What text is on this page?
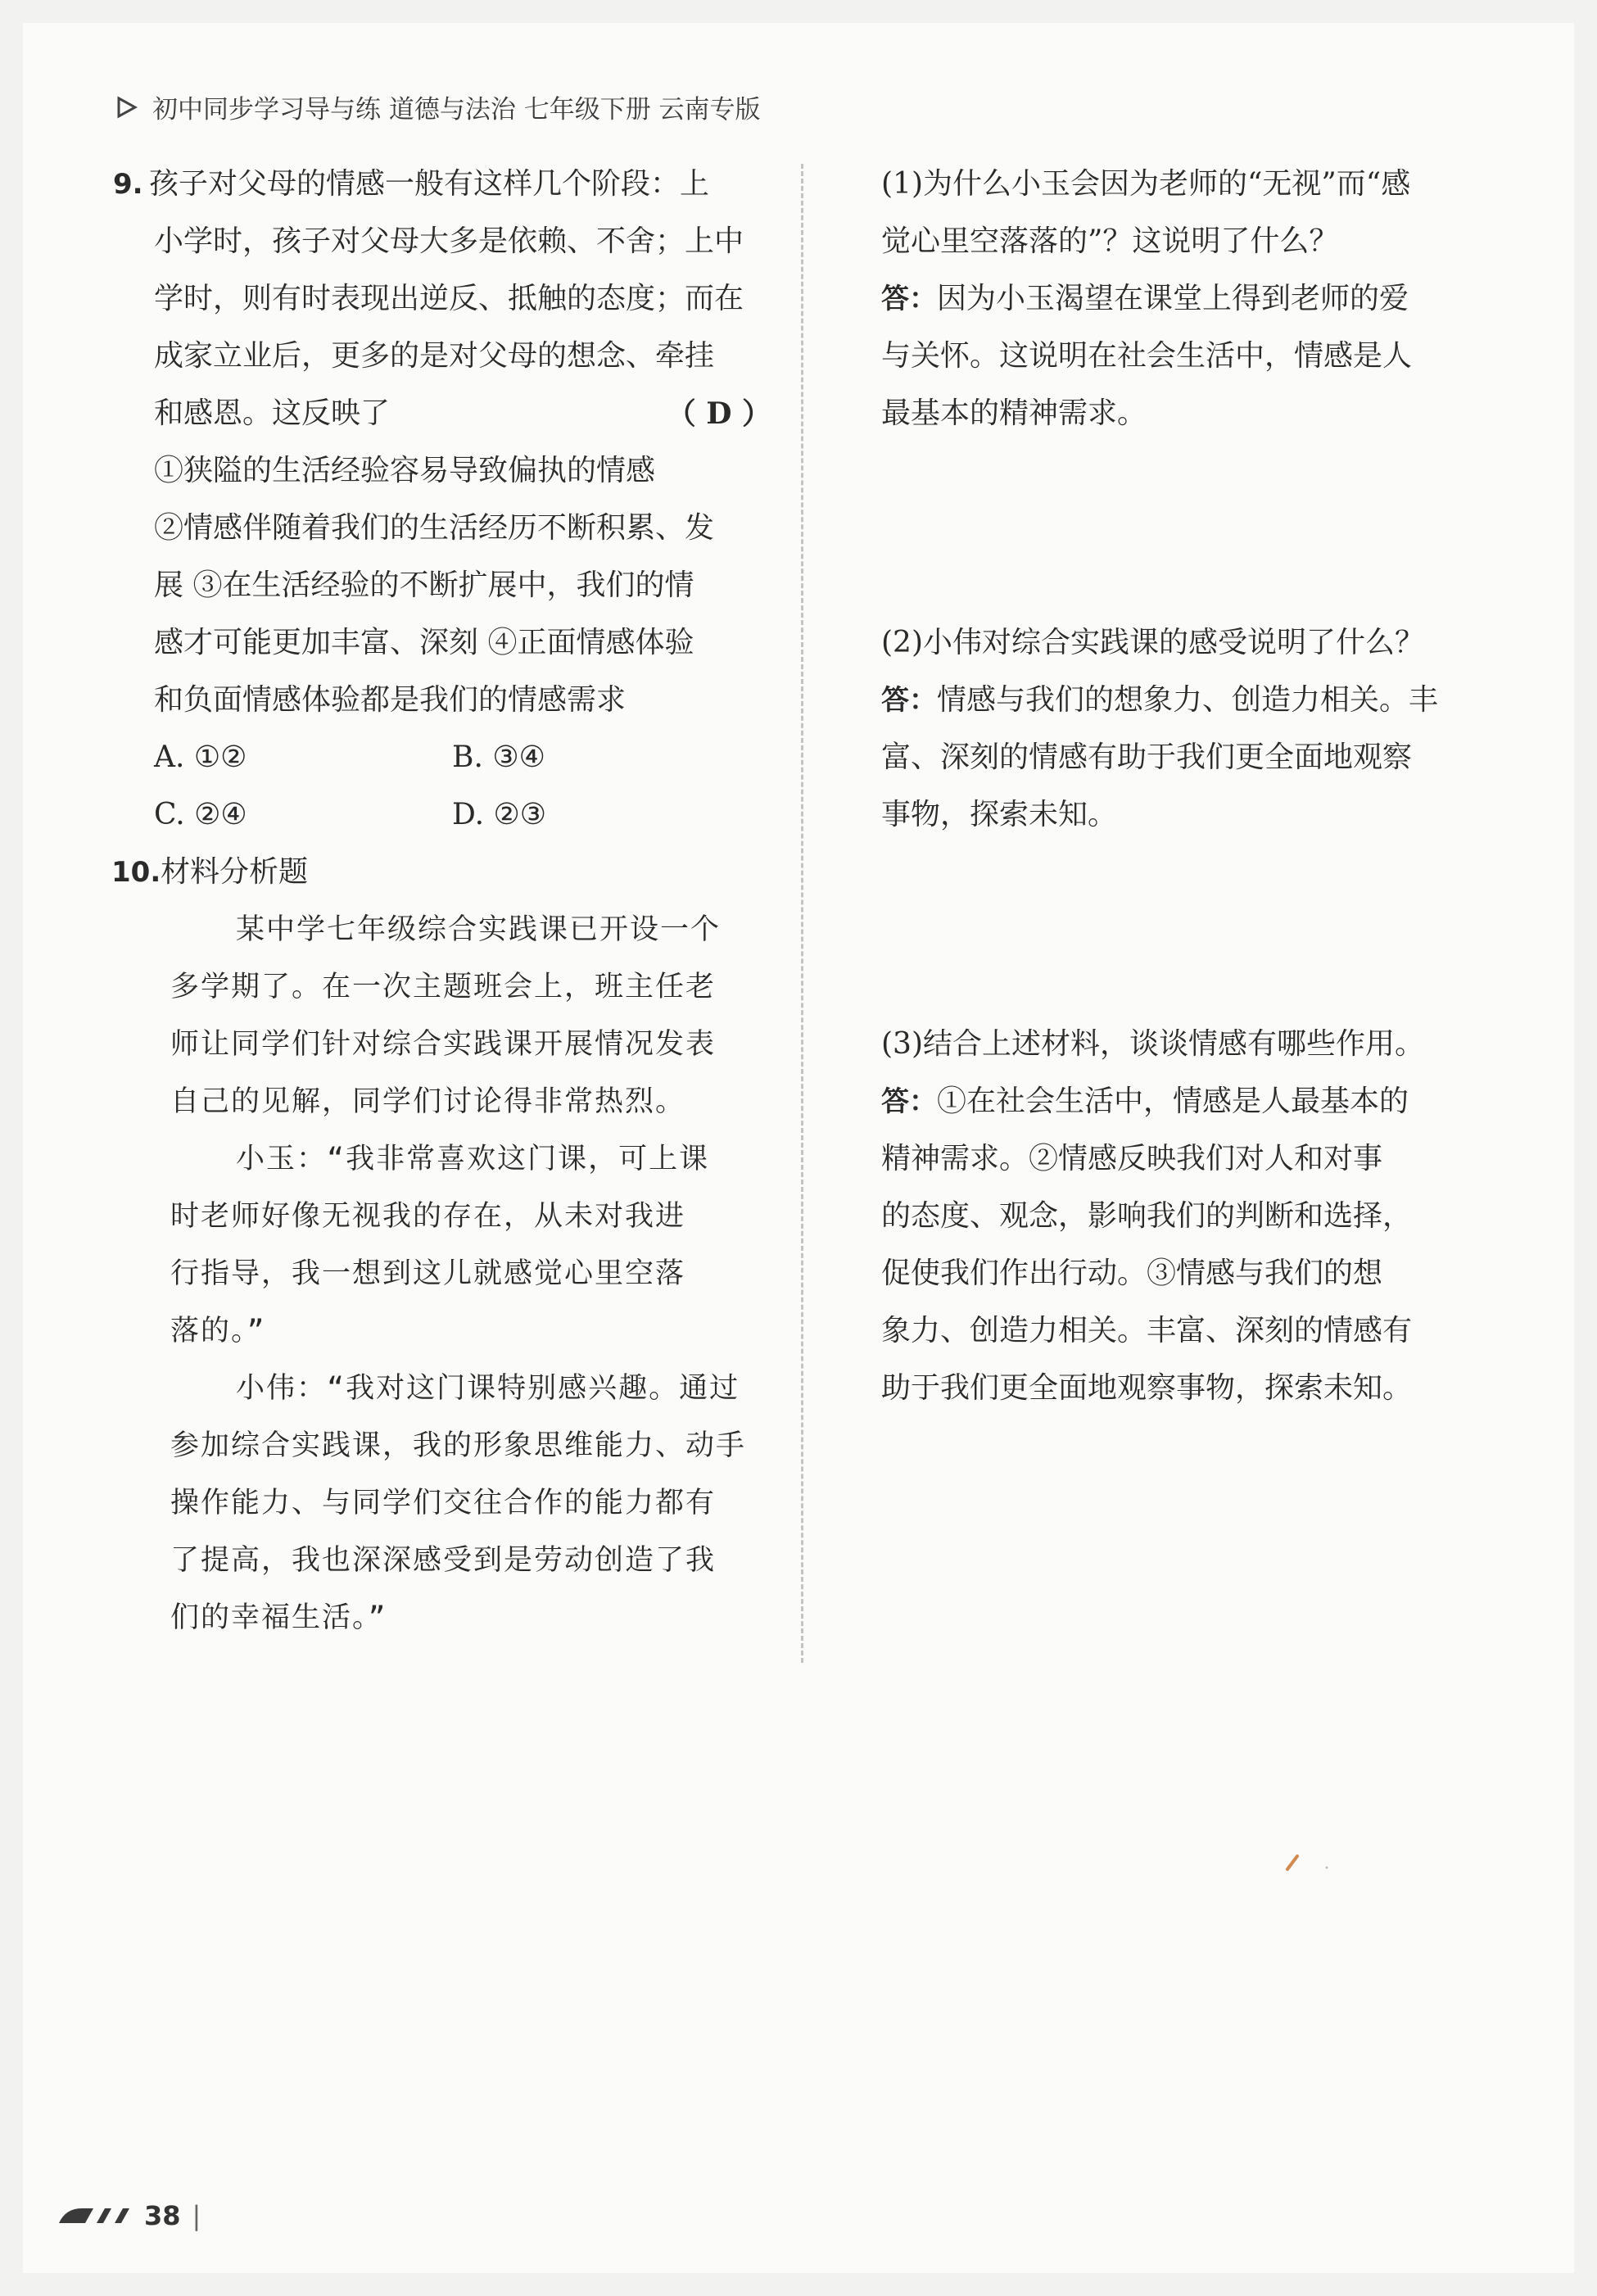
初中同步学习导与练 道德与法治 七年级下册 云南专版
9. 孩子对父母的情感一般有这样几个阶段：上
小学时，孩子对父母大多是依赖、不舍；上中
学时，则有时表现出逆反、抵触的态度；而在
成家立业后，更多的是对父母的想念、牵挂
和感恩。这反映了	（ D ）
①狭隘的生活经验容易导致偏执的情感
②情感伴随着我们的生活经历不断积累、发
展 ③在生活经验的不断扩展中，我们的情
感才可能更加丰富、深刻 ④正面情感体验
和负面情感体验都是我们的情感需求
A. ①②	B. ③④
C. ②④	D. ②③
10. 材料分析题
某中学七年级综合实践课已开设一个
多学期了。在一次主题班会上，班主任老
师让同学们针对综合实践课开展情况发表
自己的见解，同学们讨论得非常热烈。
小玉：“我非常喜欢这门课，可上课
时老师好像无视我的存在，从未对我进
行指导，我一想到这儿就感觉心里空落
落的。”
小伟：“我对这门课特别感兴趣。通过
参加综合实践课，我的形象思维能力、动手
操作能力、与同学们交往合作的能力都有
了提高，我也深深感受到是劳动创造了我
们的幸福生活。”
(1)为什么小玉会因为老师的“无视”而“感
觉心里空落落的”？这说明了什么？
答：因为小玉渴望在课堂上得到老师的爱
与关怀。这说明在社会生活中，情感是人
最基本的精神需求。
(2)小伟对综合实践课的感受说明了什么？
答：情感与我们的想象力、创造力相关。丰
富、深刻的情感有助于我们更全面地观察
事物，探索未知。
(3)结合上述材料，谈谈情感有哪些作用。
答：①在社会生活中，情感是人最基本的
精神需求。②情感反映我们对人和对事
的态度、观念，影响我们的判断和选择，
促使我们作出行动。③情感与我们的想
象力、创造力相关。丰富、深刻的情感有
助于我们更全面地观察事物，探索未知。
38 |
